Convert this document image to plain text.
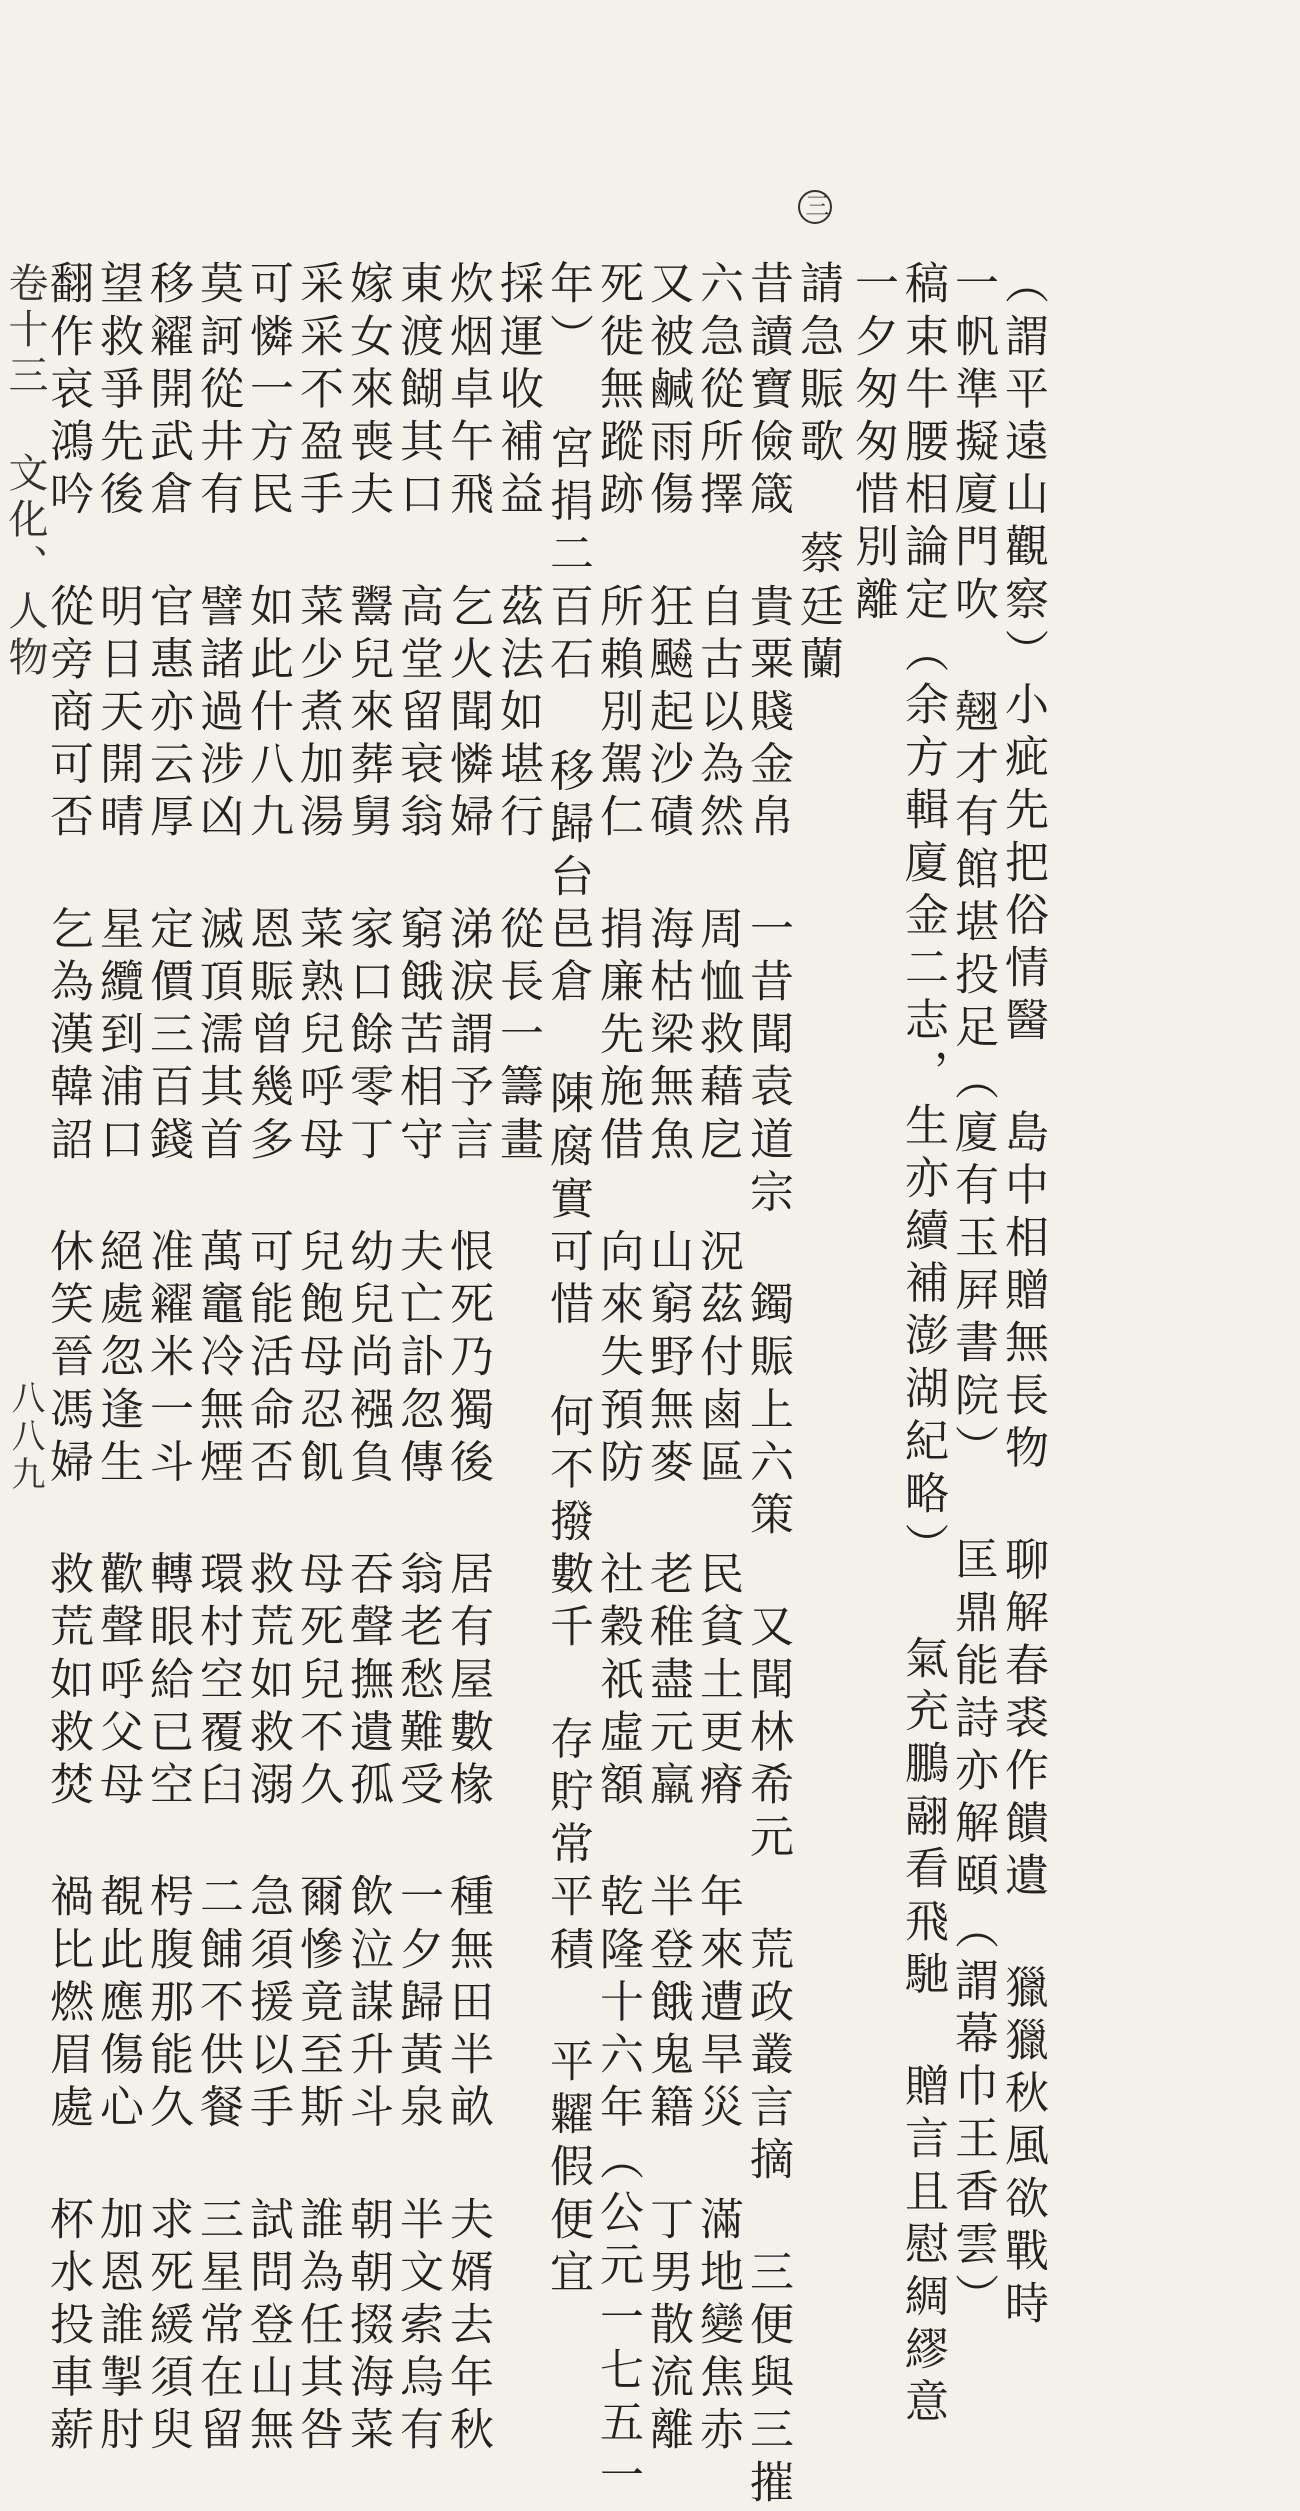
（謂平遠山觀察）小疵先把俗情醫 島中相贈無長物 聊解春裘作饋遺 獵獵秋風欲戰時
一帆準擬廈門吹 翹才有館堪投足（廈有玉屛書院） 匡鼎能詩亦解頤（謂幕巾王香雲）
稿束牛腰相論定（余方輯廈金二志，生亦續補澎湖紀略） 氣充鵬翮看飛馳 贈言且慰綢繆意
一夕匆匆惜別離
三
請急賑歌 蔡廷蘭
昔讀寶儉箴 貴粟賤金帛 一昔聞袁道宗 鐲賑上六策 又聞林希元 荒政叢言摘 三便與三摧
六急從所擇 自古以為然 周恤救藉戹 況茲付鹵區 民貧土更瘠 年來遭旱災 滿地變焦赤
又被鹹雨傷 狂飇起沙磧 海枯梁無魚 山窮野無麥 老稚盡元羸 半登餓鬼籍 丁男散流離
死徙無蹤跡 所賴別駕仁 捐廉先施借 向來失預防 社穀祇虛額 乾隆十六年（公元一七五一
年） 宮捐二百石 移歸台邑倉 陳腐實可惜 何不撥數千 存貯常平積 平糶假便宜
採運收補益 茲法如堪行 從長一籌畫
炊烟卓午飛 乞火聞憐婦 涕淚謂予言 恨死乃獨後 居有屋數椽 種無田半畝 夫婿去年秋
東渡餬其口 高堂留衰翁 窮餓苦相守 夫亡訃忽傳 翁老愁難受 一夕歸黃泉 半文索烏有
嫁女來喪夫 鬻兒來葬舅 家口餘零丁 幼兒尚襁負 吞聲撫遺孤 飲泣謀升斗 朝朝掇海菜
采采不盈手 菜少煮加湯 菜熟兒呼母 兒飽母忍飢 母死兒不久 爾慘竟至斯 誰為任其咎
可憐一方民 如此什八九 恩賑曾幾多 可能活命否 救荒如救溺 急須援以手 試問登山無
莫訶從井有 譬諸過涉凶 滅頂濡其首 萬竈冷無煙 環村空覆臼 二餔不供餐 三星常在留
移糴開武倉 官惠亦云厚 定價三百錢 准糴米一斗 轉眼給已空 枵腹那能久 求死緩須臾
望救爭先後 明日天開晴 星纜到浦口 絕處忽逢生 歡聲呼父母 覩此應傷心 加恩誰掣肘
翻作哀鴻吟 從旁商可否 乞為漢韓詔 休笑晉馮婦 救荒如救焚 禍比燃眉處 杯水投車薪
卷十三 文化、人物
八八九
